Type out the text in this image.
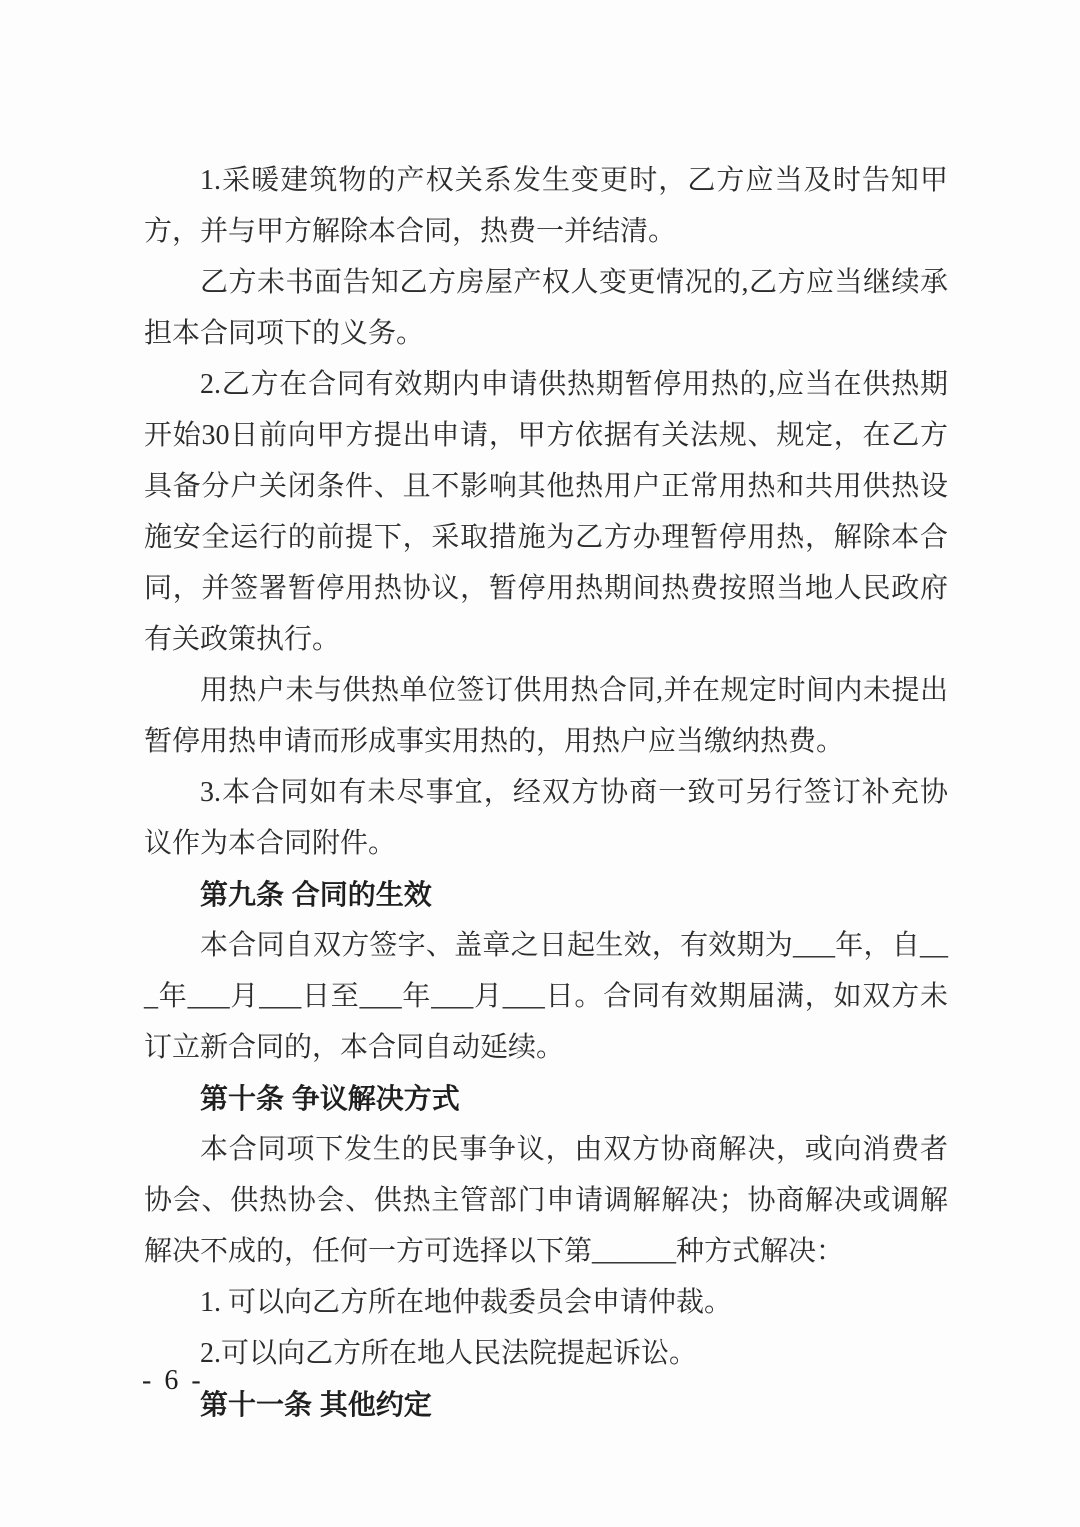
1.采暖建筑物的产权关系发生变更时，乙方应当及时告知甲方，并与甲方解除本合同，热费一并结清。

乙方未书面告知乙方房屋产权人变更情况的,乙方应当继续承担本合同项下的义务。

2.乙方在合同有效期内申请供热期暂停用热的,应当在供热期开始30日前向甲方提出申请，甲方依据有关法规、规定，在乙方具备分户关闭条件、且不影响其他热用户正常用热和共用供热设施安全运行的前提下，采取措施为乙方办理暂停用热，解除本合同，并签署暂停用热协议，暂停用热期间热费按照当地人民政府有关政策执行。

用热户未与供热单位签订供用热合同,并在规定时间内未提出暂停用热申请而形成事实用热的，用热户应当缴纳热费。

3.本合同如有未尽事宜，经双方协商一致可另行签订补充协议作为本合同附件。

第九条 合同的生效

本合同自双方签字、盖章之日起生效，有效期为___年，自___年___月___日至___年___月___日。合同有效期届满，如双方未订立新合同的，本合同自动延续。

第十条 争议解决方式

本合同项下发生的民事争议，由双方协商解决，或向消费者协会、供热协会、供热主管部门申请调解解决；协商解决或调解解决不成的，任何一方可选择以下第______种方式解决：

1. 可以向乙方所在地仲裁委员会申请仲裁。

2.可以向乙方所在地人民法院提起诉讼。

第十一条 其他约定

- 6 -
